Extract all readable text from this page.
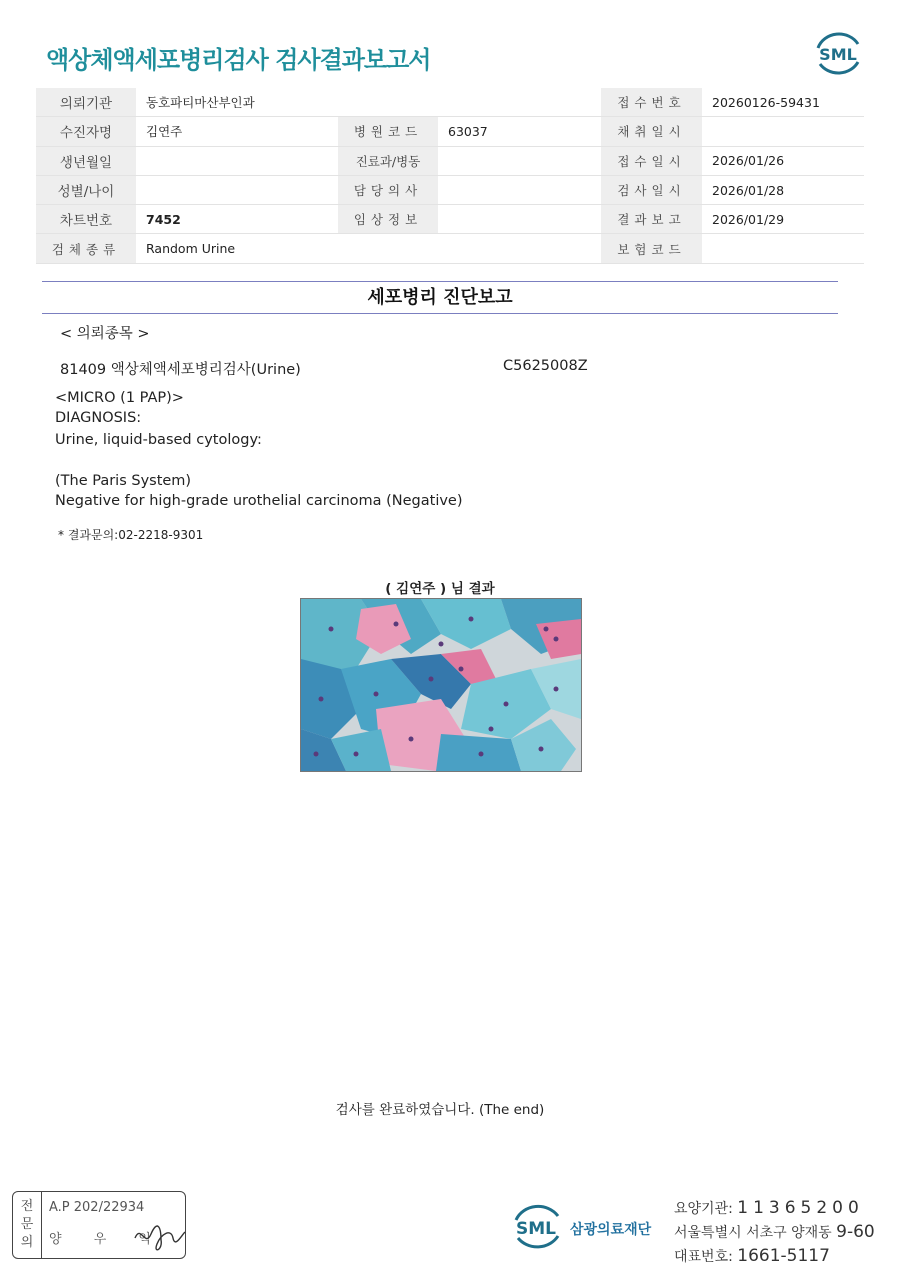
액상체액세포병리검사 검사결과보고서	SML
의뢰기관	동호파티마산부인과			접수번호	20260126-59431
수진자명	김연주	병원코드	63037	채취일시	
생년월일		진료과/병동		접수일시	2026/01/26
성별/나이		담당의사		검사일시	2026/01/28
차트번호	7452	임상정보		결과보고	2026/01/29
검체종류	Random Urine			보험코드	
세포병리 진단보고
< 의뢰종목 >
81409 액상체액세포병리검사(Urine)	C5625008Z
<MICRO (1 PAP)>
DIAGNOSIS:
Urine, liquid-based cytology:
(The Paris System)
Negative for high-grade urothelial carcinoma (Negative)
* 결과문의:02-2218-9301
( 김연주 ) 님 결과
검사를 완료하였습니다. (The end)
전
문
의
A.P 202/22934
양 우 익
SML 삼광의료재단
요양기관: 11365200
서울특별시 서초구 양재동 9-60
대표번호: 1661-5117
